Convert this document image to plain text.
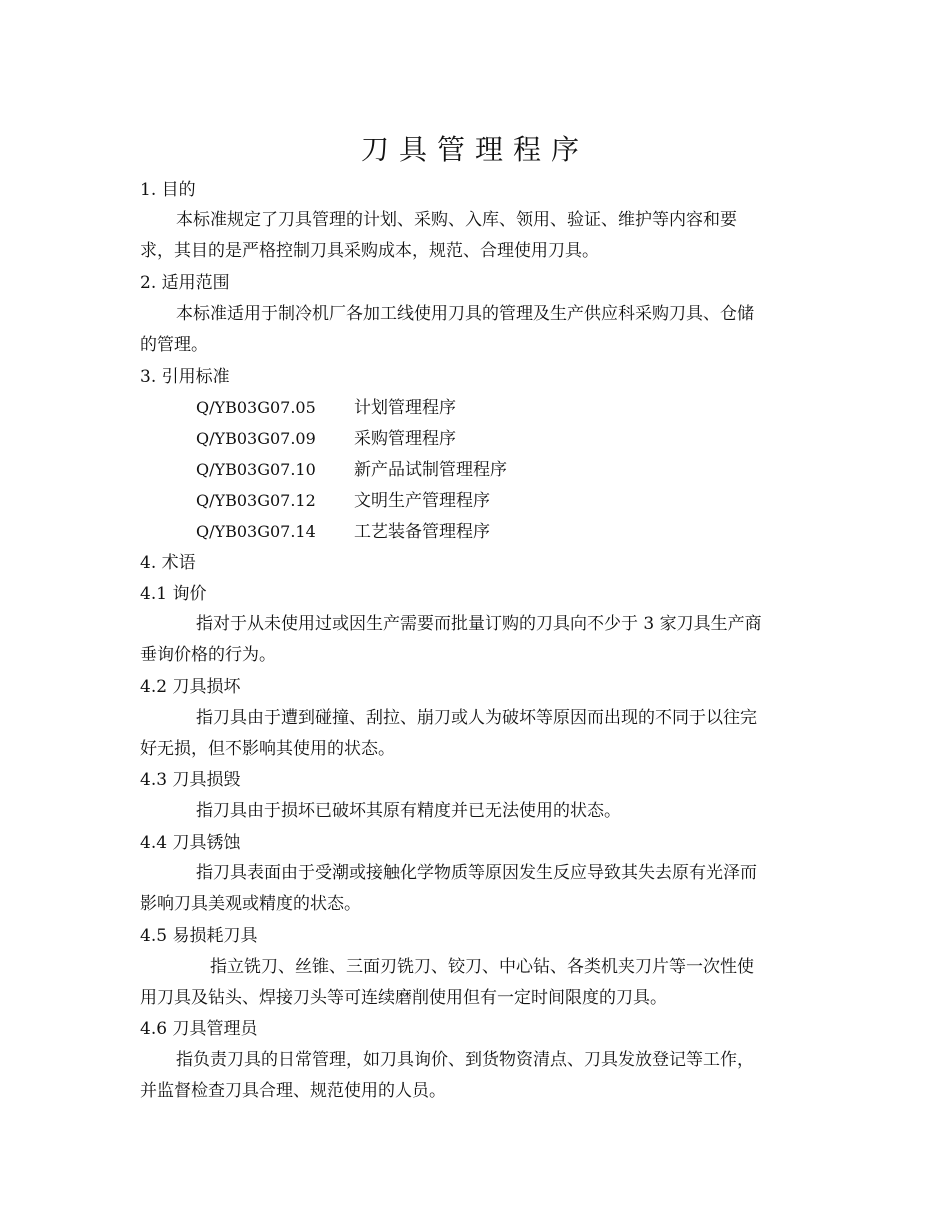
刀具管理程序
1. 目的
本标准规定了刀具管理的计划、采购、入库、领用、验证、维护等内容和要
求，其目的是严格控制刀具采购成本，规范、合理使用刀具。
2. 适用范围
本标准适用于制冷机厂各加工线使用刀具的管理及生产供应科采购刀具、仓储
的管理。
3. 引用标准
Q/YB03G07.05 计划管理程序
Q/YB03G07.09 采购管理程序
Q/YB03G07.10 新产品试制管理程序
Q/YB03G07.12 文明生产管理程序
Q/YB03G07.14 工艺装备管理程序
4. 术语
4.1 询价
指对于从未使用过或因生产需要而批量订购的刀具向不少于 3 家刀具生产商
垂询价格的行为。
4.2 刀具损坏
指刀具由于遭到碰撞、刮拉、崩刀或人为破坏等原因而出现的不同于以往完
好无损，但不影响其使用的状态。
4.3 刀具损毁
指刀具由于损坏已破坏其原有精度并已无法使用的状态。
4.4 刀具锈蚀
指刀具表面由于受潮或接触化学物质等原因发生反应导致其失去原有光泽而
影响刀具美观或精度的状态。
4.5 易损耗刀具
指立铣刀、丝锥、三面刃铣刀、铰刀、中心钻、各类机夹刀片等一次性使
用刀具及钻头、焊接刀头等可连续磨削使用但有一定时间限度的刀具。
4.6 刀具管理员
指负责刀具的日常管理，如刀具询价、到货物资清点、刀具发放登记等工作，
并监督检查刀具合理、规范使用的人员。
